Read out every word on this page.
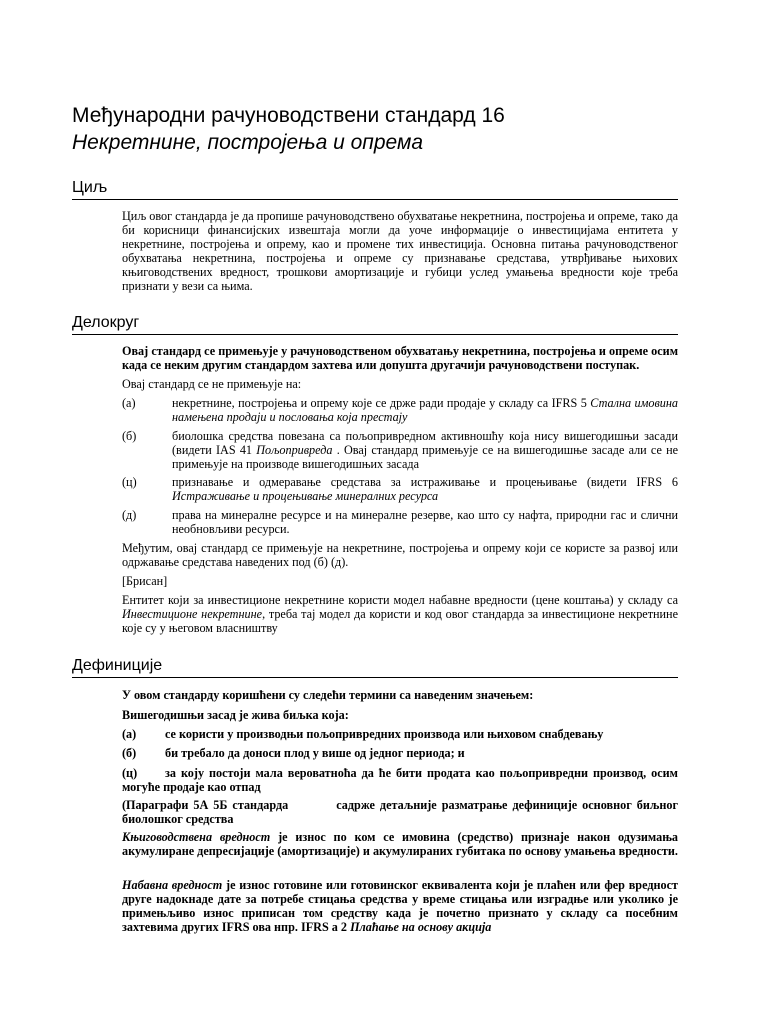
Међународни рачуноводствени стандард 16
Некретнине, постројења и опрема
Циљ

Циљ овог стандарда је да пропише рачуноводствено обухватање некретнина, постројења и опреме, тако да би корисници финансијских извештаја могли да уоче информације о инвестицијама ентитета у некретнине, постројења и опрему, као и промене тих инвестиција. Основна питања рачуноводственог обухватања некретнина, постројења и опреме су признавање средстава, утврђивање њихових књиговодствених вредност, трошкови амортизације и губици услед умањења вредности које треба признати у вези са њима.

Делокруг

Овај стандард се примењује у рачуноводственом обухватању некретнина, постројења и опреме осим када се неким другим стандардом захтева или допушта другачији рачуноводствени поступак.

Овај стандард се не примењује на:

(а)	некретнине, постројења и опрему које се држе ради продаје у складу са IFRS 5 Стална имовина намењена продаји и пословања која престају
(б)	биолошка средства повезана са пољопривредном активношћу која нису вишегодишњи засади (видети IAS 41 Пољопривреда . Овај стандард примењује се на вишегодишње засаде али се не примењује на производе вишегодишњих засада
(ц)	признавање и одмеравање средстава за истраживање и процењивање (видети IFRS 6 Истраживање и процењивање минералних ресурса
(д)	права на минералне ресурсе и на минералне резерве, као што су нафта, природни гас и слични необновљиви ресурси.

Међутим, овај стандард се примењује на некретнине, постројења и опрему који се користе за развој или одржавање средстава наведених под (б) (д).

[Брисан]

Ентитет који за инвестиционе некретнине користи модел набавне вредности (цене коштања) у складу са Инвестиционе некретнине, треба тај модел да користи и код овог стандарда за инвестиционе некретнине које су у његовом власништву

Дефиниције

У овом стандарду коришћени су следећи термини са наведеним значењем:

Вишегодишњи засад је жива биљка која:

(а) се користи у производњи пољопривредних производа или њиховом снабдевању
(б) би требало да доноси плод у више од једног периода; и
(ц) за коју постоји мала вероватноћа да ће бити продата као пољопривредни производ, осим могуће продаје као отпад

(Параграфи 5А 5Б стандарда	садрже детаљније разматрање дефиниције основног биљног биолошког средства

Књиговодствена вредност је износ по ком се имовина (средство) признаје након одузимања акумулиране депресијације (амортизације) и акумулираних губитака по основу умањења вредности.

Набавна вредност је износ готовине или готовинског еквивалента који је плаћен или фер вредност друге надокнаде дате за потребе стицања средства у време стицања или изградње или уколико је примењљиво износ приписан том средству када је почетно признато у складу са посебним захтевима других IFRS ова нпр. IFRS а 2 Плаћање на основу акција
